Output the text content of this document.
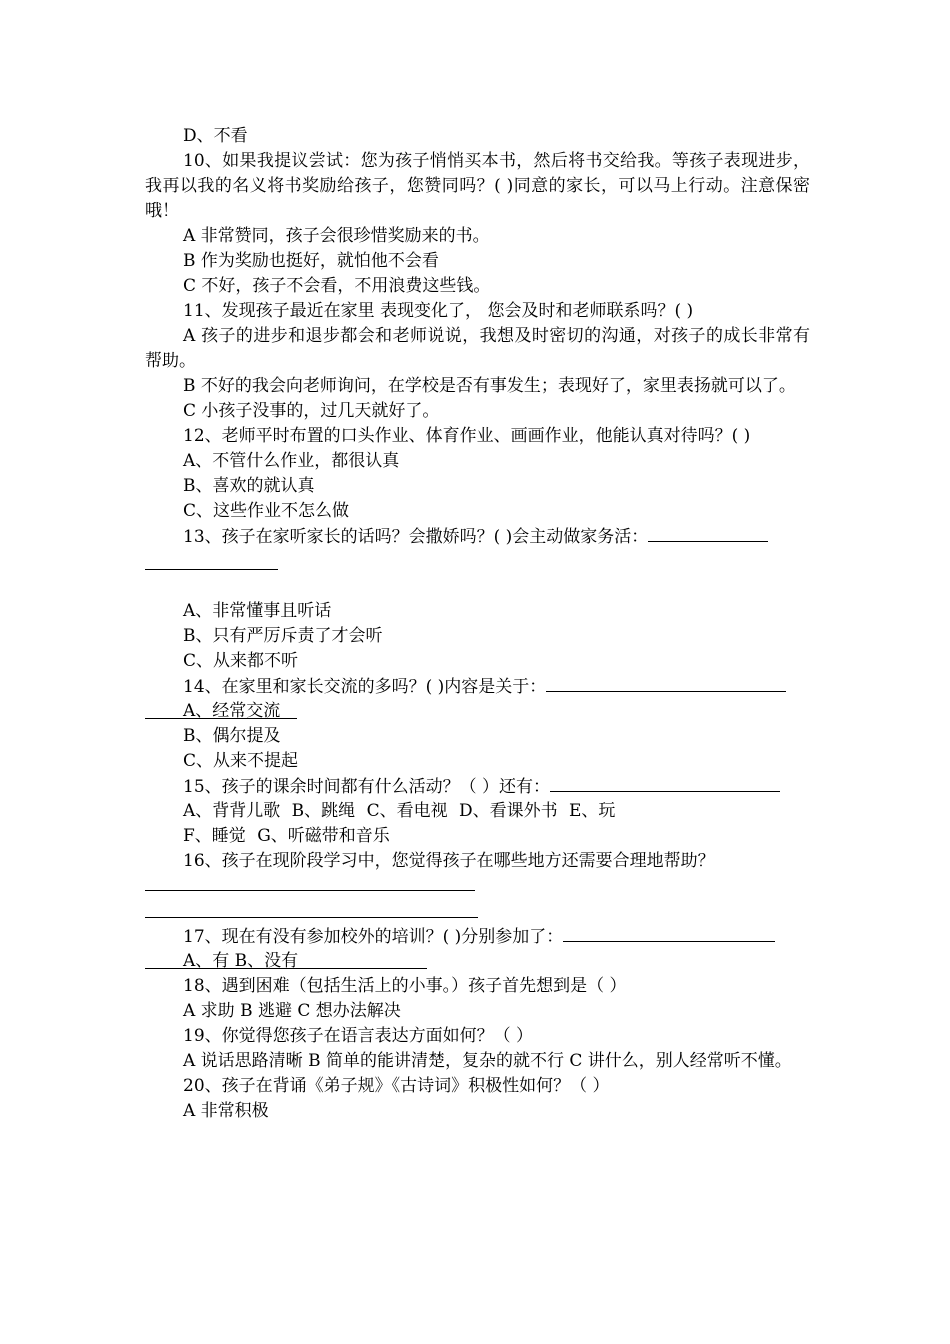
D、不看
10、如果我提议尝试：您为孩子悄悄买本书，然后将书交给我。等孩子表现进步，我再以我的名义将书奖励给孩子，您赞同吗？( )同意的家长，可以马上行动。注意保密哦！
A 非常赞同，孩子会很珍惜奖励来的书。
B 作为奖励也挺好，就怕他不会看
C 不好，孩子不会看，不用浪费这些钱。
11、发现孩子最近在家里 表现变化了， 您会及时和老师联系吗？( )
A 孩子的进步和退步都会和老师说说，我想及时密切的沟通，对孩子的成长非常有帮助。
B 不好的我会向老师询问，在学校是否有事发生；表现好了，家里表扬就可以了。
C 小孩子没事的，过几天就好了。
12、老师平时布置的口头作业、体育作业、画画作业，他能认真对待吗？( )
A、不管什么作业，都很认真
B、喜欢的就认真
C、这些作业不怎么做
13、孩子在家听家长的话吗？会撒娇吗？( )会主动做家务活：
A、非常懂事且听话
B、只有严厉斥责了才会听
C、从来都不听
14、在家里和家长交流的多吗？( )内容是关于：
A、经常交流
B、偶尔提及
C、从来不提起
15、孩子的课余时间都有什么活动？（ ）还有：
A、背背儿歌 B、跳绳 C、看电视 D、看课外书 E、玩
F、睡觉 G、听磁带和音乐
16、孩子在现阶段学习中，您觉得孩子在哪些地方还需要合理地帮助？
17、现在有没有参加校外的培训？( )分别参加了：
A、有 B、没有
18、遇到困难（包括生活上的小事。）孩子首先想到是（ ）
A 求助 B 逃避 C 想办法解决
19、你觉得您孩子在语言表达方面如何？（ ）
A 说话思路清晰 B 简单的能讲清楚，复杂的就不行 C 讲什么，别人经常听不懂。
20、孩子在背诵《弟子规》《古诗词》积极性如何？（ ）
A 非常积极
